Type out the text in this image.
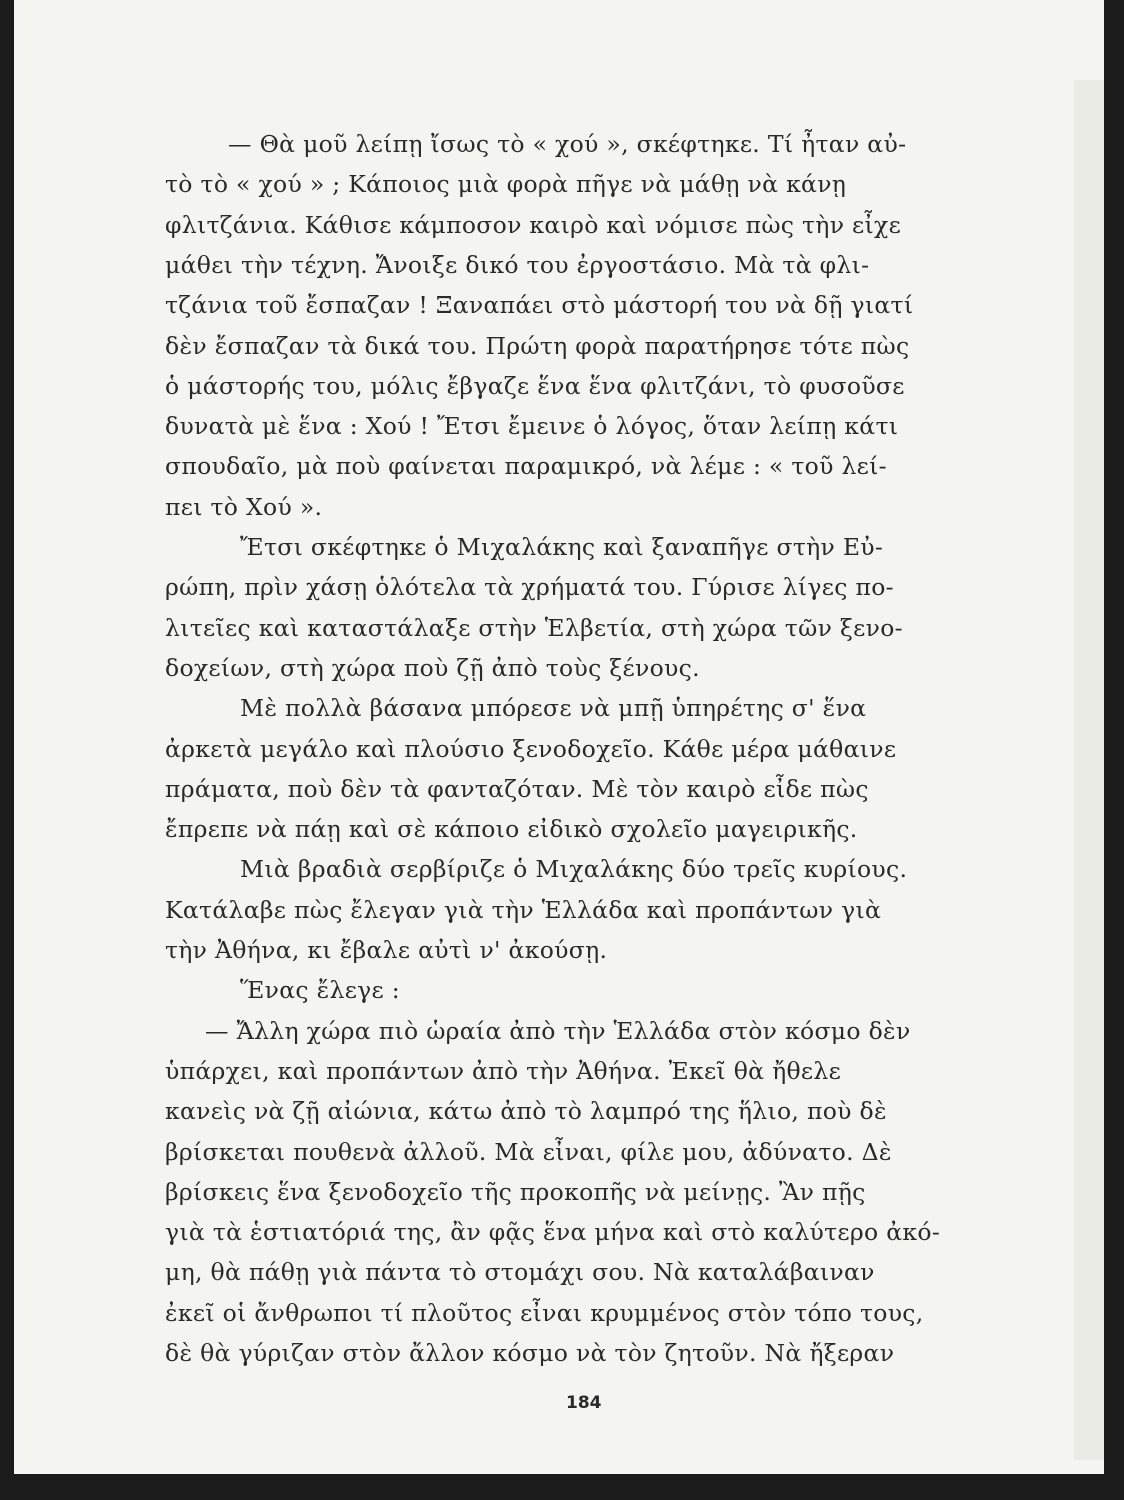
— Θὰ μοῦ λείπῃ ἴσως τὸ « χού », σκέφτηκε. Τί ἦταν αὐ-
τὸ τὸ « χού » ; Κάποιος μιὰ φορὰ πῆγε νὰ μάθῃ νὰ κάνῃ
φλιτζάνια. Κάθισε κάμποσον καιρὸ καὶ νόμισε πὼς τὴν εἶχε
μάθει τὴν τέχνη. Ἄνοιξε δικό του ἐργοστάσιο. Μὰ τὰ φλι-
τζάνια τοῦ ἔσπαζαν ! Ξαναπάει στὸ μάστορή του νὰ δῇ γιατί
δὲν ἔσπαζαν τὰ δικά του. Πρώτη φορὰ παρατήρησε τότε πὼς
ὁ μάστορής του, μόλις ἔβγαζε ἕνα ἕνα φλιτζάνι, τὸ φυσοῦσε
δυνατὰ μὲ ἕνα : Χού ! Ἔτσι ἔμεινε ὁ λόγος, ὅταν λείπῃ κάτι
σπουδαῖο, μὰ ποὺ φαίνεται παραμικρό, νὰ λέμε : « τοῦ λεί-
πει τὸ Χού ».
Ἔτσι σκέφτηκε ὁ Μιχαλάκης καὶ ξαναπῆγε στὴν Εὐ-
ρώπη, πρὶν χάσῃ ὁλότελα τὰ χρήματά του. Γύρισε λίγες πο-
λιτεῖες καὶ καταστάλαξε στὴν Ἑλβετία, στὴ χώρα τῶν ξενο-
δοχείων, στὴ χώρα ποὺ ζῇ ἀπὸ τοὺς ξένους.
Μὲ πολλὰ βάσανα μπόρεσε νὰ μπῇ ὑπηρέτης σ' ἕνα
ἀρκετὰ μεγάλο καὶ πλούσιο ξενοδοχεῖο. Κάθε μέρα μάθαινε
πράματα, ποὺ δὲν τὰ φανταζόταν. Μὲ τὸν καιρὸ εἶδε πὼς
ἔπρεπε νὰ πάῃ καὶ σὲ κάποιο εἰδικὸ σχολεῖο μαγειρικῆς.
Μιὰ βραδιὰ σερβίριζε ὁ Μιχαλάκης δύο τρεῖς κυρίους.
Κατάλαβε πὼς ἔλεγαν γιὰ τὴν Ἑλλάδα καὶ προπάντων γιὰ
τὴν Ἀθήνα, κι ἔβαλε αὐτὶ ν' ἀκούσῃ.
Ἕνας ἔλεγε :
— Ἄλλη χώρα πιὸ ὡραία ἀπὸ τὴν Ἑλλάδα στὸν κόσμο δὲν
ὑπάρχει, καὶ προπάντων ἀπὸ τὴν Ἀθήνα. Ἐκεῖ θὰ ἤθελε
κανεὶς νὰ ζῇ αἰώνια, κάτω ἀπὸ τὸ λαμπρό της ἥλιο, ποὺ δὲ
βρίσκεται πουθενὰ ἀλλοῦ. Μὰ εἶναι, φίλε μου, ἀδύνατο. Δὲ
βρίσκεις ἕνα ξενοδοχεῖο τῆς προκοπῆς νὰ μείνῃς. Ἂν πῇς
γιὰ τὰ ἑστιατόριά της, ἂν φᾷς ἕνα μήνα καὶ στὸ καλύτερο ἀκό-
μη, θὰ πάθῃ γιὰ πάντα τὸ στομάχι σου. Νὰ καταλάβαιναν
ἐκεῖ οἱ ἄνθρωποι τί πλοῦτος εἶναι κρυμμένος στὸν τόπο τους,
δὲ θὰ γύριζαν στὸν ἄλλον κόσμο νὰ τὸν ζητοῦν. Νὰ ἤξεραν
184
